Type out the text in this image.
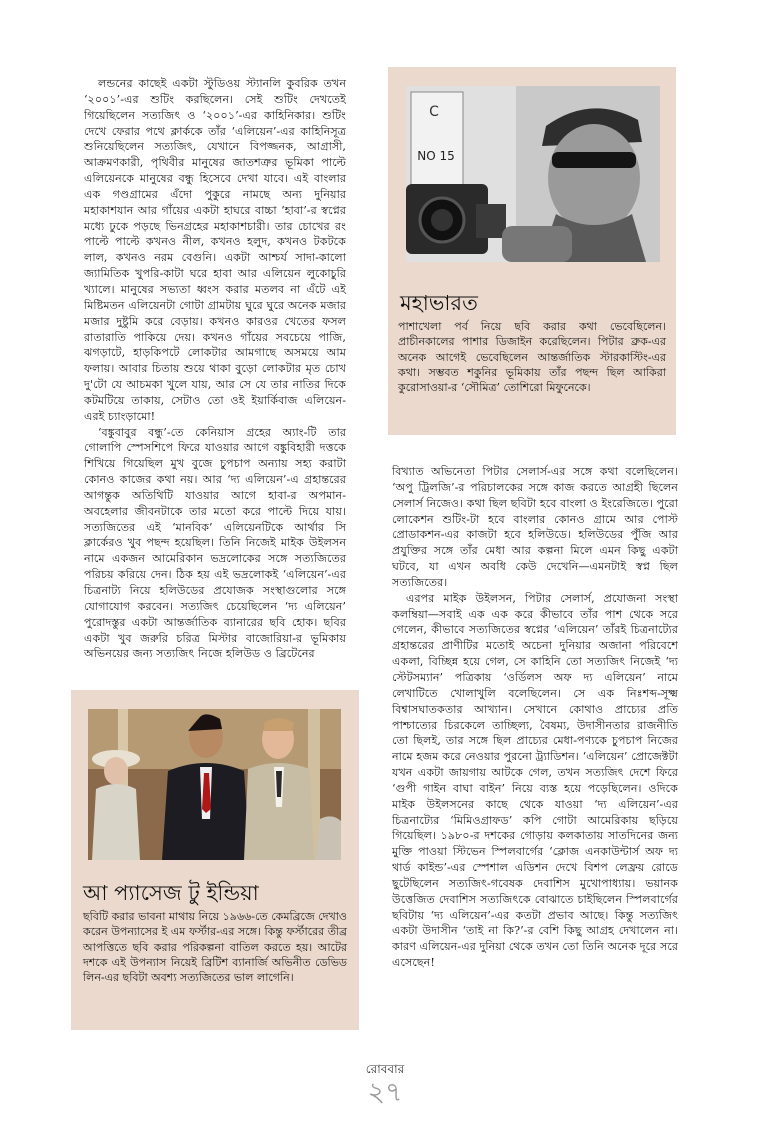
লন্ডনের কাছেই একটা স্টুডিওয় স্ট্যানলি কুবরিক তখন ‘২০০১’-এর শুটিং করছিলেন। সেই শুটিং দেখতেই গিয়েছিলেন সত্যজিৎ ও ‘২০০১’-এর কাহিনিকার। শুটিং দেখে ফেরার পথে ক্লার্ককে তাঁর ‘এলিয়েন’-এর কাহিনিসূত্র শুনিয়েছিলেন সত্যজিৎ, যেখানে বিপজ্জনক, আগ্রাসী, আক্রমণকারী, পৃথিবীর মানুষের জাতশত্রুর ভূমিকা পাল্টে এলিয়েনকে মানুষের বন্ধু হিসেবে দেখা যাবে। এই বাংলার এক গণ্ডগ্রামের এঁদো পুকুরে নামছে অন্য দুনিয়ার মহাকাশযান আর গাঁয়ের একটা হাঘরে বাচ্চা ‘হাবা’-র স্বপ্নের মধ্যে ঢুকে পড়ছে ভিনগ্রহের মহাকাশচারী। তার চোখের রং পাল্টে পাল্টে কখনও নীল, কখনও হলুদ, কখনও টকটকে লাল, কখনও নরম বেগুনি। একটা আশ্চর্য সাদা-কালো জ্যামিতিক খুপরি-কাটা ঘরে হাবা আর এলিয়েন লুকোচুরি খ্যালে। মানুষের সভ্যতা ধ্বংস করার মতলব না এঁটে এই মিষ্টিমতন এলিয়েনটা গোটা গ্রামটায় ঘুরে ঘুরে অনেক মজার মজার দুষ্টুমি করে বেড়ায়। কখনও কারওর খেতের ফসল রাতারাতি পাকিয়ে দেয়। কখনও গাঁয়ের সবচেয়ে পাজি, ঝগড়াটে, হাড়কিপটে লোকটার আমগাছে অসময়ে আম ফলায়। আবার চিতায় শুয়ে থাকা বুড়ো লোকটার মৃত চোখ দু'টো যে আচমকা খুলে যায়, আর সে যে তার নাতির দিকে কটমটিয়ে তাকায়, সেটাও তো ওই ইয়ার্কিবাজ এলিয়েন-এরই চ্যাংড়ামো!

‘বঙ্কুবাবুর বন্ধু’-তে কেনিয়াস গ্রহের অ্যাং-টি তার গোলাপি স্পেসশিপে ফিরে যাওয়ার আগে বঙ্কুবিহারী দত্তকে শিখিয়ে গিয়েছিল মুখ বুজে চুপচাপ অন্যায় সহ্য করাটা কোনও কাজের কথা নয়। আর ‘দ্য এলিয়েন’-এ গ্রহান্তরের আগন্তুক অতিথিটি যাওয়ার আগে হাবা-র অপমান-অবহেলার জীবনটাকে তার মতো করে পাল্টে দিয়ে যায়। সত্যজিতের এই ‘মানবিক’ এলিয়েনটিকে আর্থার সি ক্লার্কেরও খুব পছন্দ হয়েছিল। তিনি নিজেই মাইক উইলসন নামে একজন আমেরিকান ভদ্রলোকের সঙ্গে সত্যজিতের পরিচয় করিয়ে দেন। ঠিক হয় এই ভদ্রলোকই ‘এলিয়েন’-এর চিত্রনাট্য নিয়ে হলিউডের প্রযোজক সংস্থাগুলোর সঙ্গে যোগাযোগ করবেন। সত্যজিৎ চেয়েছিলেন ‘দ্য এলিয়েন’ পুরোদস্তুর একটা আন্তর্জাতিক ব্যানারের ছবি হোক। ছবির একটা খুব জরুরি চরিত্র মিস্টার বাজোরিয়া-র ভূমিকায় অভিনয়ের জন্য সত্যজিৎ নিজে হলিউড ও ব্রিটেনের

C
NO 15
মহাভারত
পাশাখেলা পর্ব নিয়ে ছবি করার কথা ভেবেছিলেন। প্রাচীনকালের পাশার ডিজাইন করেছিলেন। পিটার ব্রুক-এর অনেক আগেই ভেবেছিলেন আন্তর্জাতিক স্টারকাস্টিং-এর কথা। সম্ভবত শকুনির ভূমিকায় তাঁর পছন্দ ছিল আকিরা কুরোসাওয়া-র ‘সৌমিত্র’ তোশিরো মিফুনেকে।

বিখ্যাত অভিনেতা পিটার সেলার্স-এর সঙ্গে কথা বলেছিলেন। ‘অপু ট্রিলজি’-র পরিচালকের সঙ্গে কাজ করতে আগ্রহী ছিলেন সেলার্স নিজেও। কথা ছিল ছবিটা হবে বাংলা ও ইংরেজিতে। পুরো লোকেশন শুটিং-টা হবে বাংলার কোনও গ্রামে আর পোস্ট প্রোডাকশন-এর কাজটা হবে হলিউডে। হলিউডের পুঁজি আর প্রযুক্তির সঙ্গে তাঁর মেধা আর কল্পনা মিলে এমন কিছু একটা ঘটবে, যা এখন অবধি কেউ দেখেনি—এমনটাই স্বপ্ন ছিল সত্যজিতের।

এরপর মাইক উইলসন, পিটার সেলার্স, প্রযোজনা সংস্থা কলম্বিয়া—সবাই এক এক করে কীভাবে তাঁর পাশ থেকে সরে গেলেন, কীভাবে সত্যজিতের স্বপ্নের ‘এলিয়েন’ তাঁরই চিত্রনাট্যের গ্রহান্তরের প্রাণীটির মতোই অচেনা দুনিয়ার অজানা পরিবেশে একলা, বিচ্ছিন্ন হয়ে গেল, সে কাহিনি তো সত্যজিৎ নিজেই ‘দ্য স্টেটসম্যান’ পত্রিকায় ‘ওর্ডিলস অফ দ্য এলিয়েন’ নামে লেখাটিতে খোলাখুলি বলেছিলেন। সে এক নিঃশব্দ-সূক্ষ্ম বিশ্বাসঘাতকতার আখ্যান। সেখানে কোথাও প্রাচ্যের প্রতি পাশ্চাত্যের চিরকেলে তাচ্ছিল্য, বৈষম্য, উদাসীনতার রাজনীতি তো ছিলই, তার সঙ্গে ছিল প্রাচ্যের মেধা-পণ্যকে চুপচাপ নিজের নামে হজম করে নেওয়ার পুরনো ট্র্যাডিশন। ‘এলিয়েন’ প্রোজেক্টটা যখন একটা জায়গায় আটকে গেল, তখন সত্যজিৎ দেশে ফিরে ‘গুপী গাইন বাঘা বাইন’ নিয়ে ব্যস্ত হয়ে পড়েছিলেন। ওদিকে মাইক উইলসনের কাছে থেকে যাওয়া ‘দ্য এলিয়েন’-এর চিত্রনাট্যের ‘মিমিওগ্রাফড’ কপি গোটা আমেরিকায় ছড়িয়ে গিয়েছিল। ১৯৮০-র দশকের গোড়ায় কলকাতায় সাতদিনের জন্য মুক্তি পাওয়া স্টিভেন স্পিলবার্গের ‘ক্লোজ এনকাউন্টার্স অফ দ্য থার্ড কাইন্ড’-এর স্পেশাল এডিশন দেখে বিশপ লেফ্রয় রোডে ছুটেছিলেন সত্যজিৎ-গবেষক দেবাশিস মুখোপাধ্যায়। ভয়ানক উত্তেজিত দেবাশিস সত্যজিৎকে বোঝাতে চাইছিলেন স্পিলবার্গের ছবিটায় ‘দ্য এলিয়েন’-এর কতটা প্রভাব আছে। কিন্তু সত্যজিৎ একটা উদাসীন ‘তাই না কি?’-র বেশি কিছু আগ্রহ দেখালেন না। কারণ এলিয়েন-এর দুনিয়া থেকে তখন তো তিনি অনেক দূরে সরে এসেছেন!

আ প্যাসেজ টু ইন্ডিয়া
ছবিটি করার ভাবনা মাথায় নিয়ে ১৯৬৬-তে কেমব্রিজে দেখাও করেন উপন্যাসের ই এম ফর্স্টার-এর সঙ্গে। কিন্তু ফর্স্টারের তীব্র আপত্তিতে ছবি করার পরিকল্পনা বাতিল করতে হয়। আটের দশকে এই উপন্যাস নিয়েই ব্রিটিশ ব্যানার্জি অভিনীত ডেভিড লিন-এর ছবিটা অবশ্য সত্যজিতের ভাল লাগেনি।
রোববার
২৭
